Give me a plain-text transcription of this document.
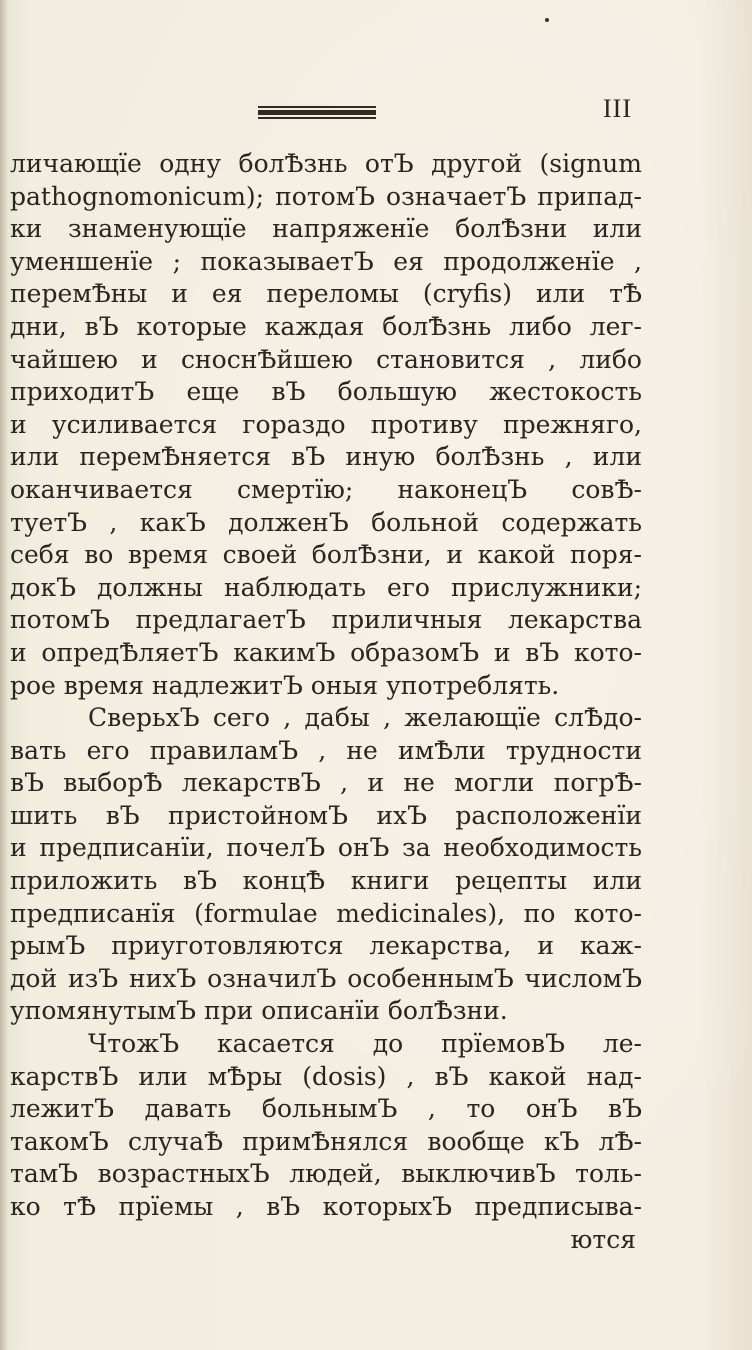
III
личающїе одну болѢзнь отЪ другой (signum
pathognomonicum); потомЪ означаетЪ припад-
ки знаменующїе напряженїе болѢзни или
уменшенїе ; показываетЪ ея продолженїе ,
перемѢны и ея переломы (cryfis) или тѢ
дни, вЪ которые каждая болѢзнь либо лег-
чайшею и сноснѢйшею становится , либо
приходитЪ еще вЪ большую жестокость
и усиливается гораздо противу прежняго,
или перемѢняется вЪ иную болѢзнь , или
оканчивается смертїю; наконецЪ совѢ-
туетЪ , какЪ долженЪ больной содержать
себя во время своей болѢзни, и какой поря-
докЪ должны наблюдать его прислужники;
потомЪ предлагаетЪ приличныя лекарства
и опредѢляетЪ какимЪ образомЪ и вЪ кото-
рое время надлежитЪ оныя употреблять.
СверьхЪ сего , дабы , желающїе слѢдо-
вать его правиламЪ , не имѢли трудности
вЪ выборѢ лекарствЪ , и не могли погрѢ-
шить вЪ пристойномЪ ихЪ расположенїи
и предписанїи, почелЪ онЪ за необходимость
приложить вЪ концѢ книги рецепты или
предписанїя (formulae medicinales), по кото-
рымЪ приуготовляются лекарства, и каж-
дой изЪ нихЪ означилЪ особеннымЪ числомЪ
упомянутымЪ при описанїи болѢзни.
ЧтожЪ касается до прїемовЪ ле-
карствЪ или мѢры (dosis) , вЪ какой над-
лежитЪ давать больнымЪ , то онЪ вЪ
такомЪ случаѢ примѢнялся вообще кЪ лѢ-
тамЪ возрастныхЪ людей, выключивЪ толь-
ко тѢ прїемы , вЪ которыхЪ предписыва-
ются
